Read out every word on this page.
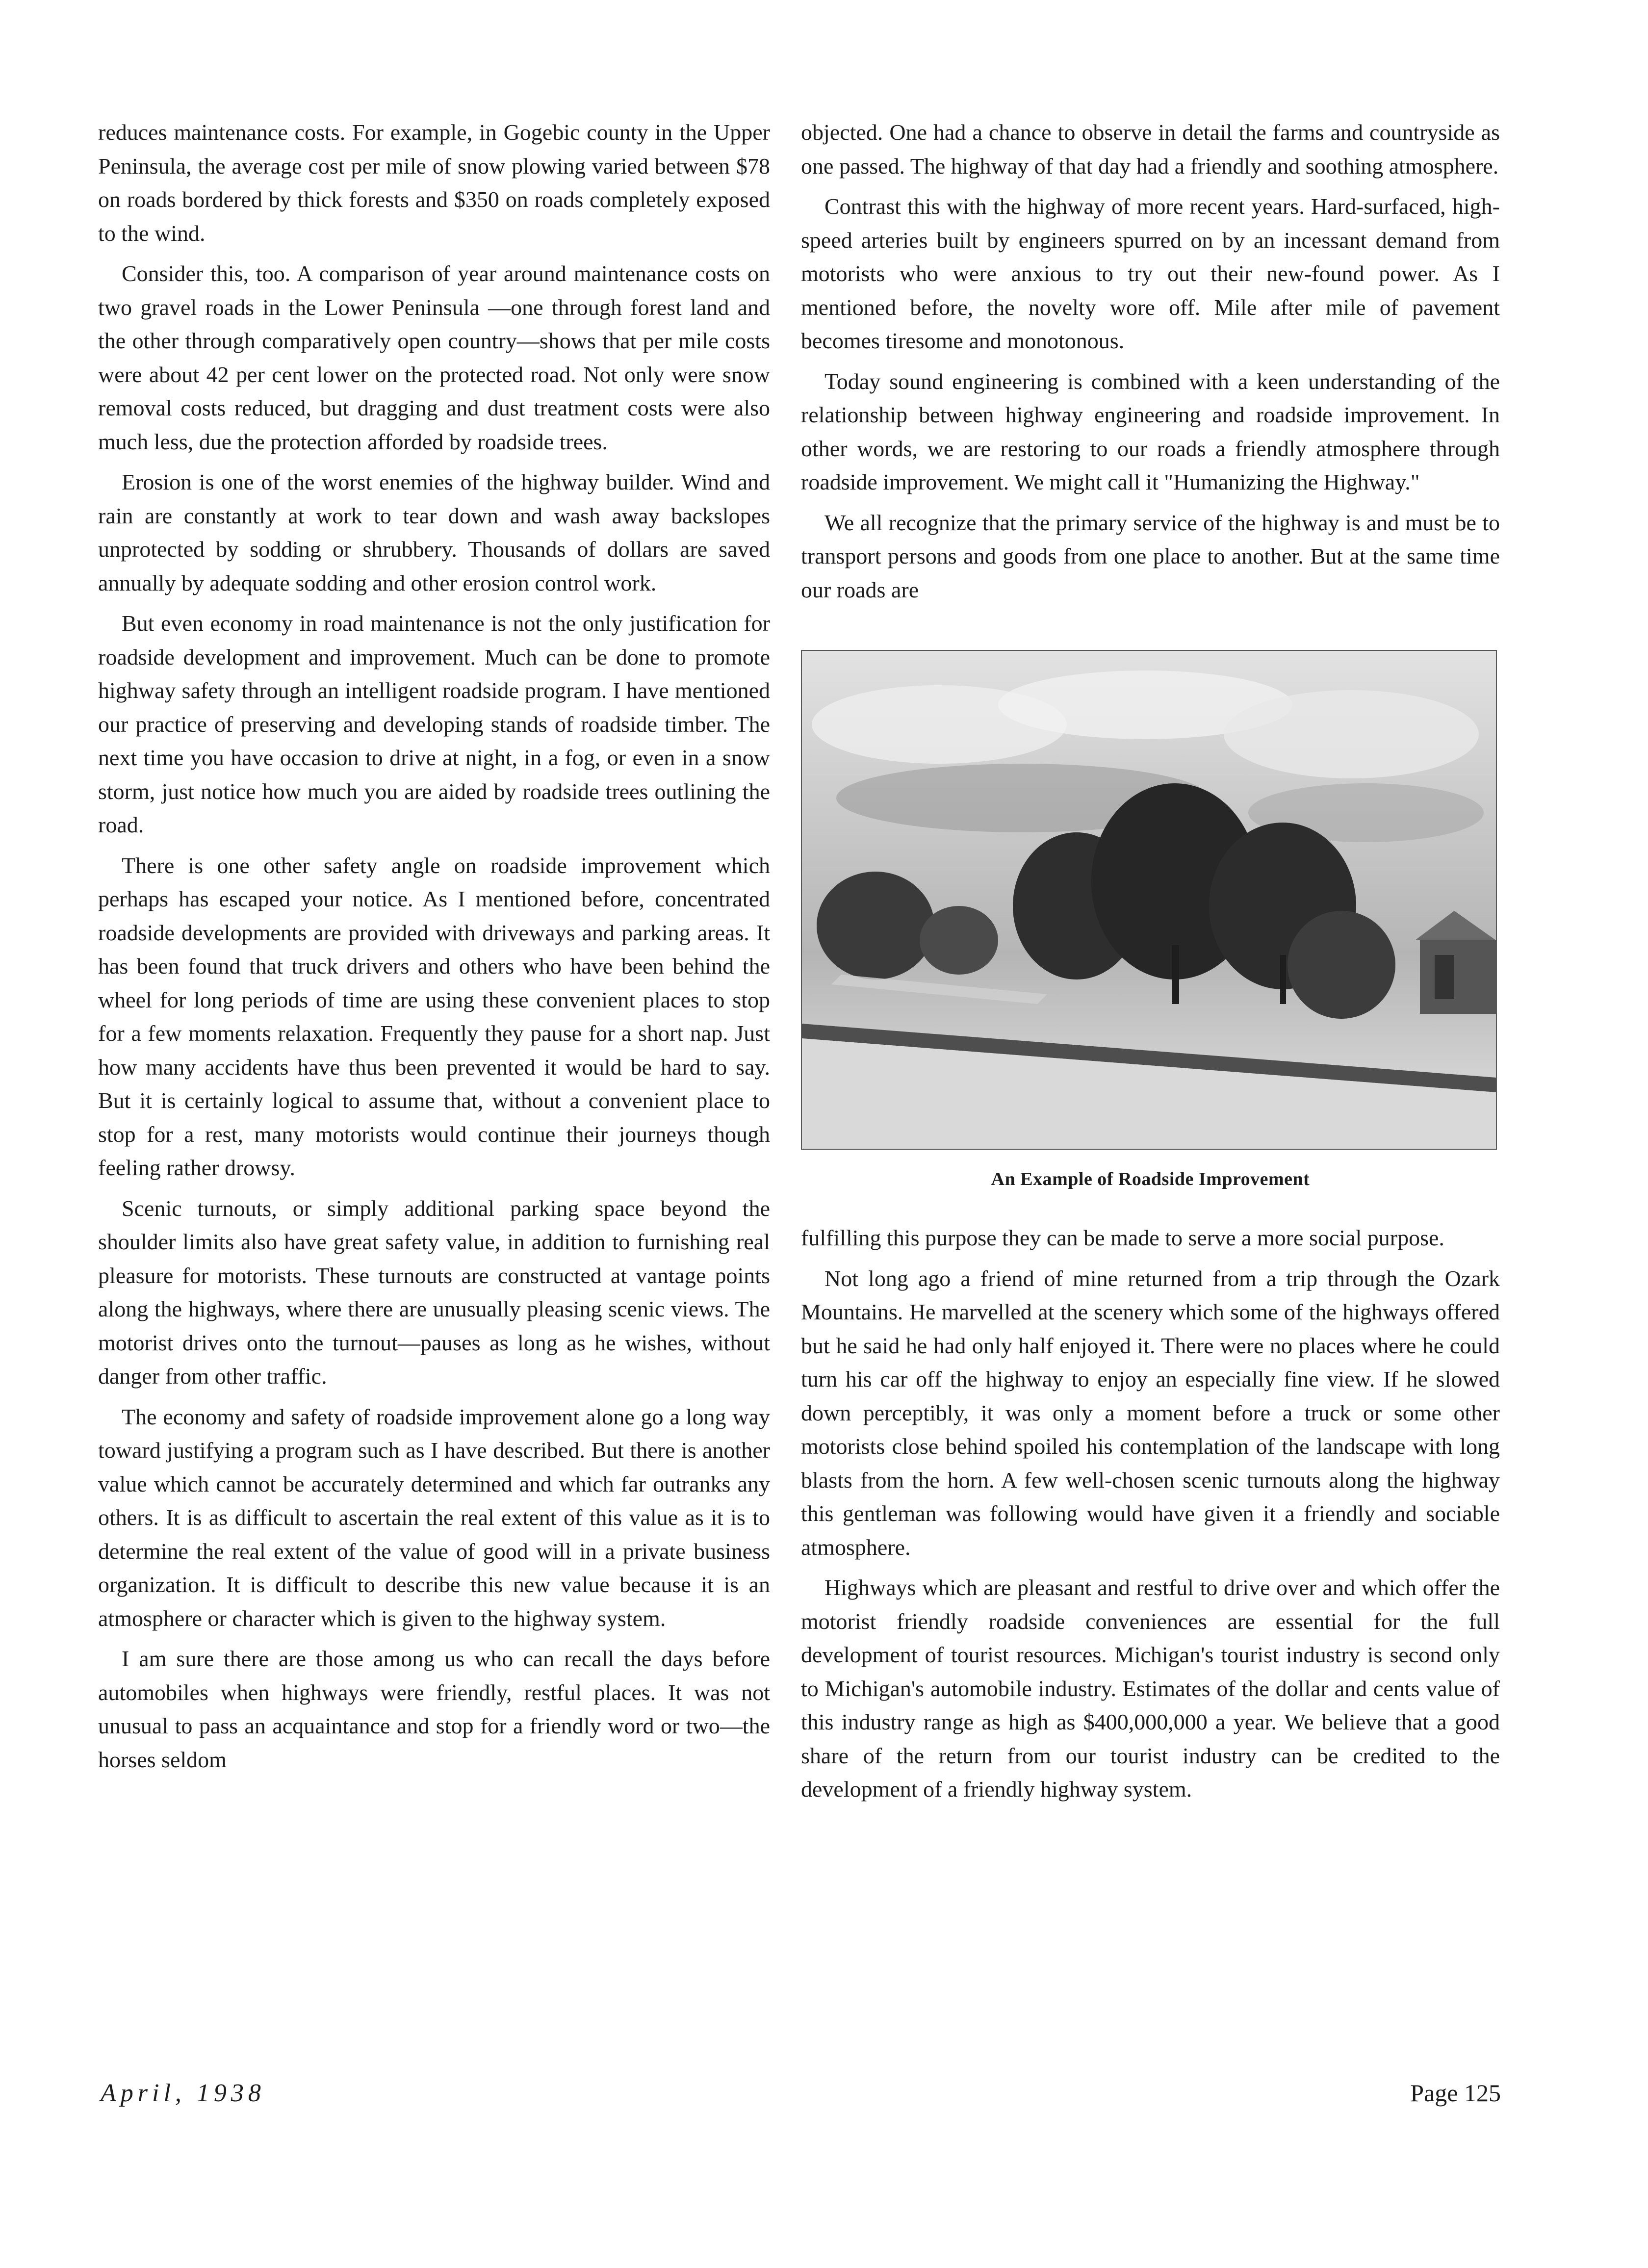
reduces maintenance costs. For example, in Gogebic county in the Upper Peninsula, the average cost per mile of snow plowing varied between $78 on roads bordered by thick forests and $350 on roads completely exposed to the wind.

Consider this, too. A comparison of year around maintenance costs on two gravel roads in the Lower Peninsula —one through forest land and the other through comparatively open country—shows that per mile costs were about 42 per cent lower on the protected road. Not only were snow removal costs reduced, but dragging and dust treatment costs were also much less, due the protection afforded by roadside trees.

Erosion is one of the worst enemies of the highway builder. Wind and rain are constantly at work to tear down and wash away backslopes unprotected by sodding or shrubbery. Thousands of dollars are saved annually by adequate sodding and other erosion control work.

But even economy in road maintenance is not the only justification for roadside development and improvement. Much can be done to promote highway safety through an intelligent roadside program. I have mentioned our practice of preserving and developing stands of roadside timber. The next time you have occasion to drive at night, in a fog, or even in a snow storm, just notice how much you are aided by roadside trees outlining the road.

There is one other safety angle on roadside improvement which perhaps has escaped your notice. As I mentioned before, concentrated roadside developments are provided with driveways and parking areas. It has been found that truck drivers and others who have been behind the wheel for long periods of time are using these convenient places to stop for a few moments relaxation. Frequently they pause for a short nap. Just how many accidents have thus been prevented it would be hard to say. But it is certainly logical to assume that, without a convenient place to stop for a rest, many motorists would continue their journeys though feeling rather drowsy.

Scenic turnouts, or simply additional parking space beyond the shoulder limits also have great safety value, in addition to furnishing real pleasure for motorists. These turnouts are constructed at vantage points along the highways, where there are unusually pleasing scenic views. The motorist drives onto the turnout—pauses as long as he wishes, without danger from other traffic.

The economy and safety of roadside improvement alone go a long way toward justifying a program such as I have described. But there is another value which cannot be accurately determined and which far outranks any others. It is as difficult to ascertain the real extent of this value as it is to determine the real extent of the value of good will in a private business organization. It is difficult to describe this new value because it is an atmosphere or character which is given to the highway system.

I am sure there are those among us who can recall the days before automobiles when highways were friendly, restful places. It was not unusual to pass an acquaintance and stop for a friendly word or two—the horses seldom

objected. One had a chance to observe in detail the farms and countryside as one passed. The highway of that day had a friendly and soothing atmosphere.

Contrast this with the highway of more recent years. Hard-surfaced, high-speed arteries built by engineers spurred on by an incessant demand from motorists who were anxious to try out their new-found power. As I mentioned before, the novelty wore off. Mile after mile of pavement becomes tiresome and monotonous.

Today sound engineering is combined with a keen understanding of the relationship between highway engineering and roadside improvement. In other words, we are restoring to our roads a friendly atmosphere through roadside improvement. We might call it "Humanizing the Highway."

We all recognize that the primary service of the highway is and must be to transport persons and goods from one place to another. But at the same time our roads are

An Example of Roadside Improvement

fulfilling this purpose they can be made to serve a more social purpose.

Not long ago a friend of mine returned from a trip through the Ozark Mountains. He marvelled at the scenery which some of the highways offered but he said he had only half enjoyed it. There were no places where he could turn his car off the highway to enjoy an especially fine view. If he slowed down perceptibly, it was only a moment before a truck or some other motorists close behind spoiled his contemplation of the landscape with long blasts from the horn. A few well-chosen scenic turnouts along the highway this gentleman was following would have given it a friendly and sociable atmosphere.

Highways which are pleasant and restful to drive over and which offer the motorist friendly roadside conveniences are essential for the full development of tourist resources. Michigan's tourist industry is second only to Michigan's automobile industry. Estimates of the dollar and cents value of this industry range as high as $400,000,000 a year. We believe that a good share of the return from our tourist industry can be credited to the development of a friendly highway system.

April, 1938	Page 125
